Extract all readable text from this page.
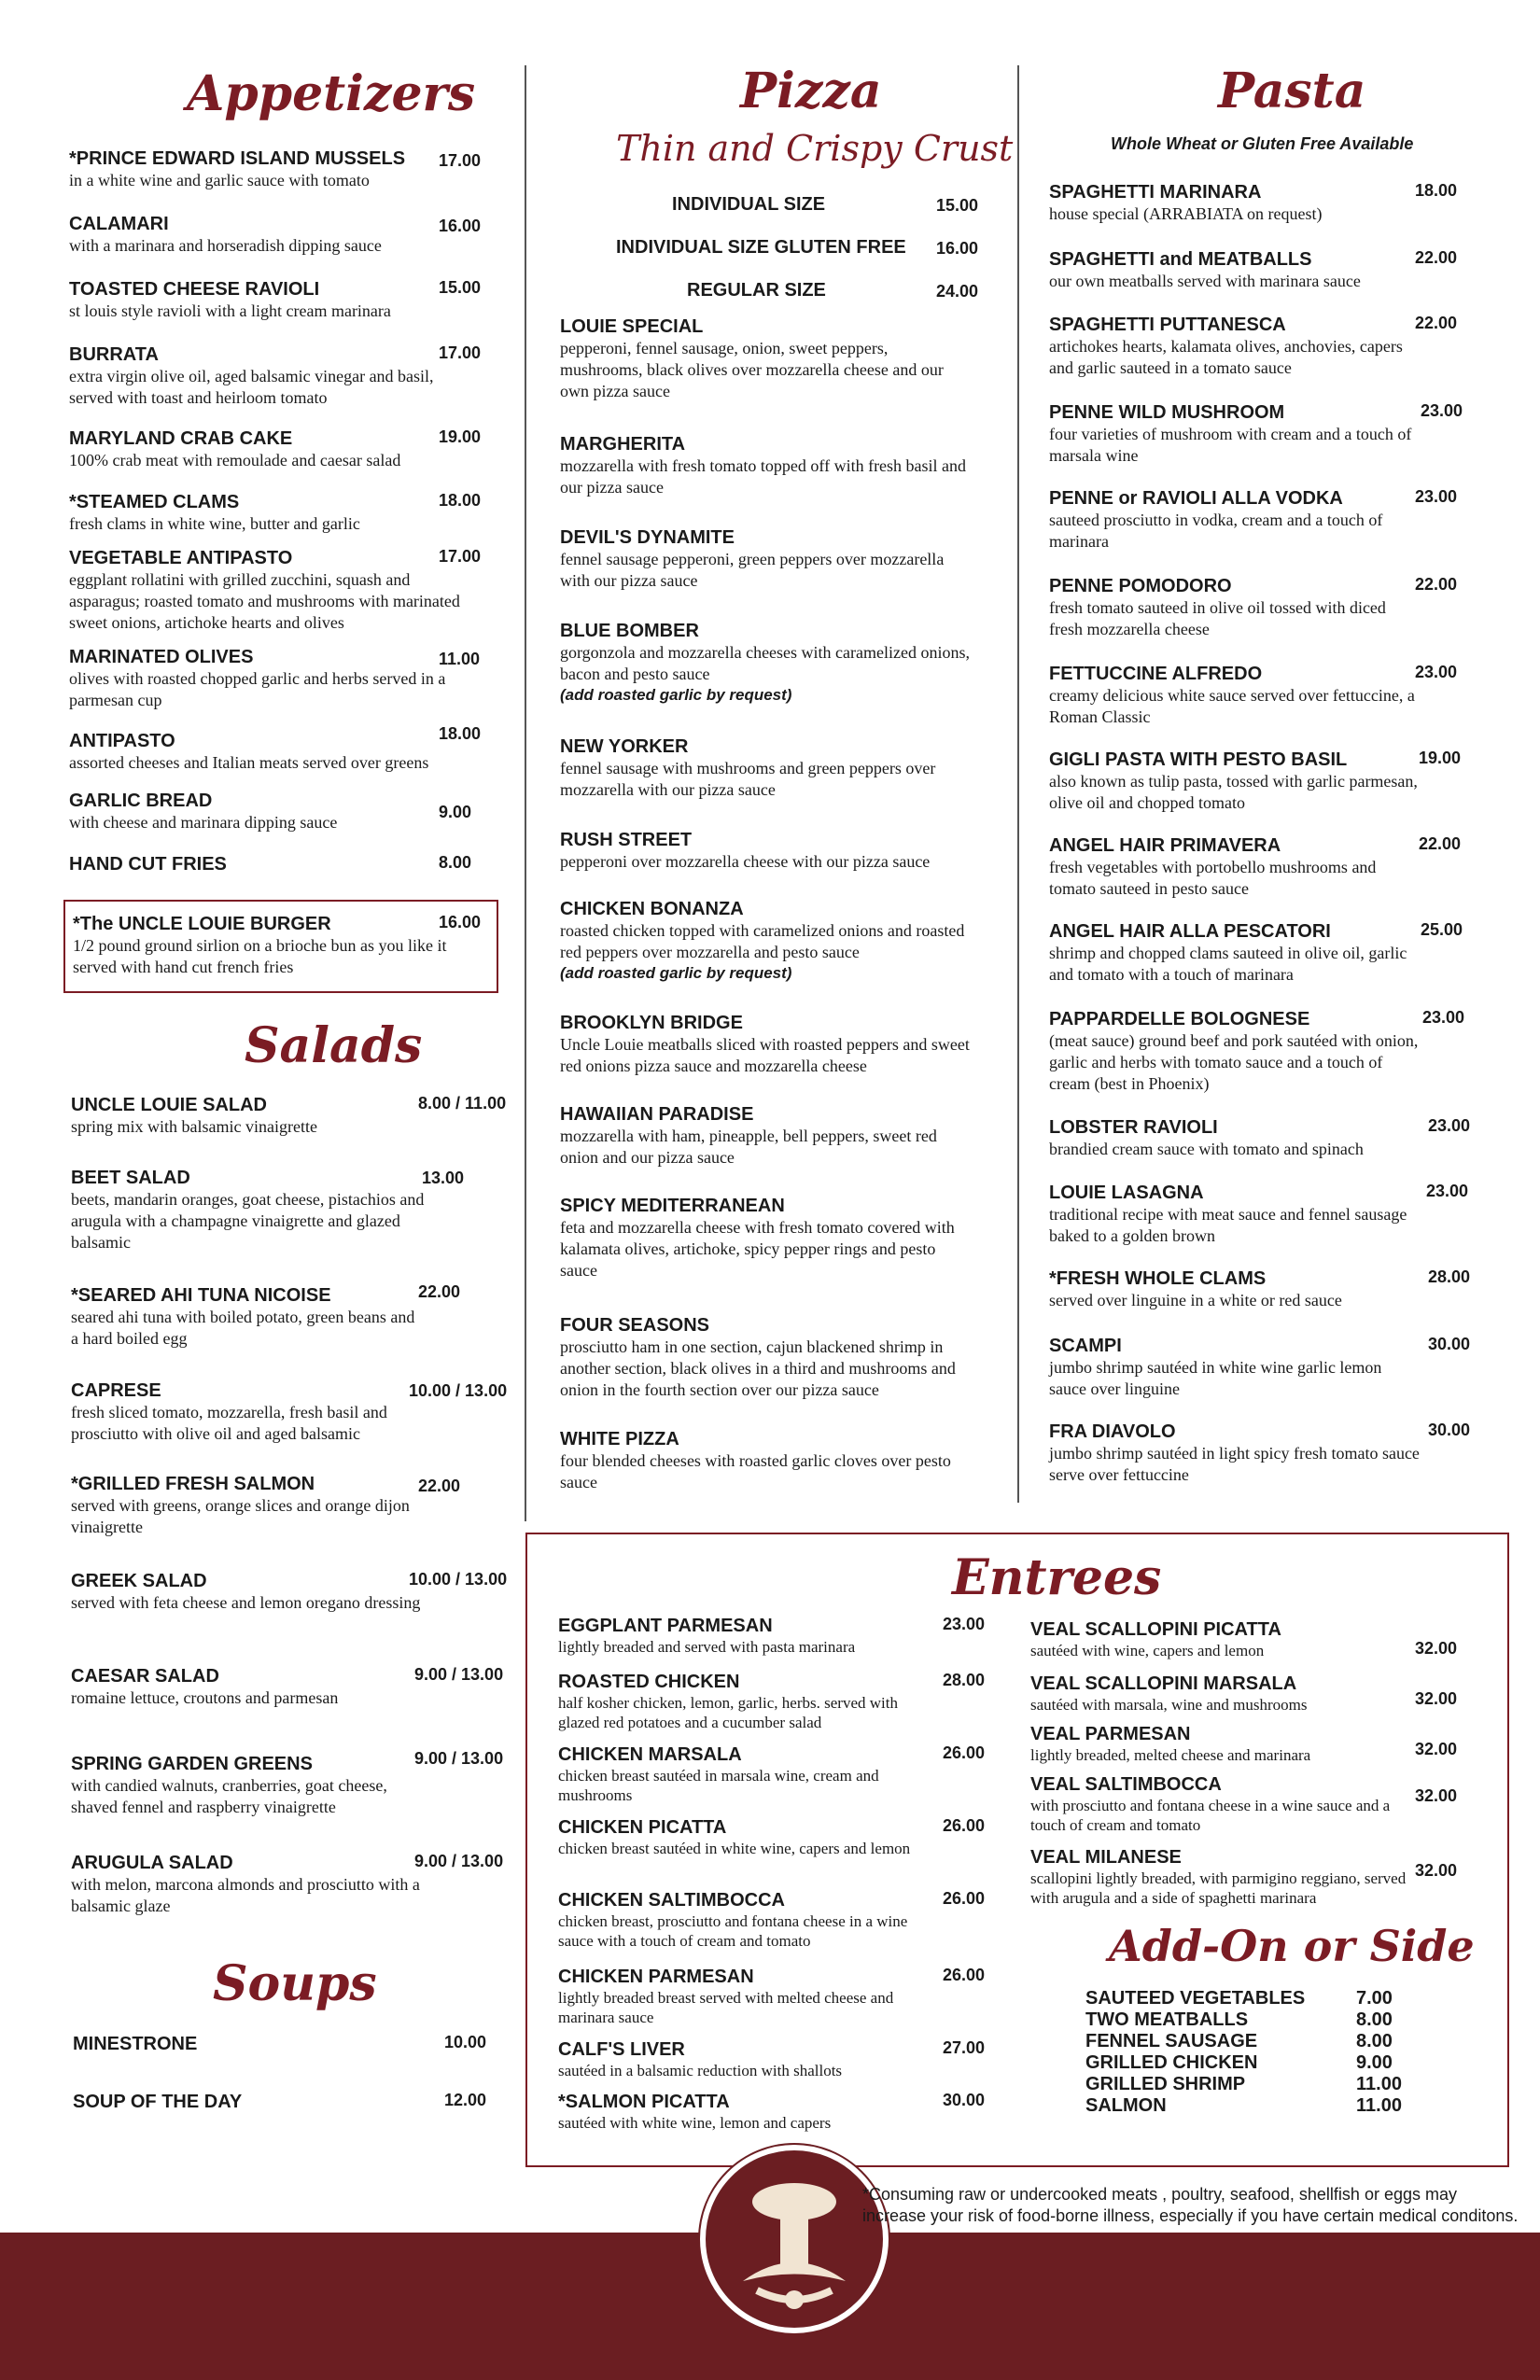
Appetizers
*PRINCE EDWARD ISLAND MUSSELS
in a white wine and garlic sauce with tomato
17.00
CALAMARI
with a marinara and horseradish dipping sauce
16.00
TOASTED CHEESE RAVIOLI
st louis style ravioli with a light cream marinara
15.00
BURRATA
extra virgin olive oil, aged balsamic vinegar and basil, served with toast and heirloom tomato
17.00
MARYLAND CRAB CAKE
100% crab meat with remoulade and caesar salad
19.00
*STEAMED CLAMS
fresh clams in white wine, butter and garlic
18.00
VEGETABLE ANTIPASTO
eggplant rollatini with grilled zucchini, squash and asparagus; roasted tomato and mushrooms with marinated sweet onions, artichoke hearts and olives
17.00
MARINATED OLIVES
olives with roasted chopped garlic and herbs served in a parmesan cup
11.00
ANTIPASTO
assorted cheeses and Italian meats served over greens
18.00
GARLIC BREAD
with cheese and marinara dipping sauce
9.00
HAND CUT FRIES	8.00
*The UNCLE LOUIE BURGER
1/2 pound ground sirlion on a brioche bun as you like it served with hand cut french fries
16.00
Salads
UNCLE LOUIE SALAD
spring mix with balsamic vinaigrette
8.00 / 11.00
BEET SALAD
beets, mandarin oranges, goat cheese, pistachios and arugula with a champagne vinaigrette and glazed balsamic
13.00
*SEARED AHI TUNA NICOISE
seared ahi tuna with boiled potato, green beans and a hard boiled egg
22.00
CAPRESE
fresh sliced tomato, mozzarella, fresh basil and prosciutto with olive oil and aged balsamic
10.00 / 13.00
*GRILLED FRESH SALMON
served with greens, orange slices and orange dijon vinaigrette
22.00
GREEK SALAD
served with feta cheese and lemon oregano dressing
10.00 / 13.00
CAESAR SALAD
romaine lettuce, croutons and parmesan
9.00 / 13.00
SPRING GARDEN GREENS
with candied walnuts, cranberries, goat cheese, shaved fennel and raspberry vinaigrette
9.00 / 13.00
ARUGULA SALAD
with melon, marcona almonds and prosciutto with a balsamic glaze
9.00 / 13.00
Soups
MINESTRONE	10.00
SOUP OF THE DAY	12.00
Pizza
Thin and Crispy Crust
INDIVIDUAL SIZE	15.00
INDIVIDUAL SIZE GLUTEN FREE 16.00
REGULAR SIZE	24.00
LOUIE SPECIAL
pepperoni, fennel sausage, onion, sweet peppers, mushrooms, black olives over mozzarella cheese and our own pizza sauce
MARGHERITA
mozzarella with fresh tomato topped off with fresh basil and our pizza sauce
DEVIL'S DYNAMITE
fennel sausage pepperoni, green peppers over mozzarella with our pizza sauce
BLUE BOMBER
gorgonzola and mozzarella cheeses with caramelized onions, bacon and pesto sauce
(add roasted garlic by request)
NEW YORKER
fennel sausage with mushrooms and green peppers over mozzarella with our pizza sauce
RUSH STREET
pepperoni over mozzarella cheese with our pizza sauce
CHICKEN BONANZA
roasted chicken topped with caramelized onions and roasted red peppers over mozzarella and pesto sauce
(add roasted garlic by request)
BROOKLYN BRIDGE
Uncle Louie meatballs sliced with roasted peppers and sweet red onions pizza sauce and mozzarella cheese
HAWAIIAN PARADISE
mozzarella with ham, pineapple, bell peppers, sweet red onion and our pizza sauce
SPICY MEDITERRANEAN
feta and mozzarella cheese with fresh tomato covered with kalamata olives, artichoke, spicy pepper rings and pesto sauce
FOUR SEASONS
prosciutto ham in one section, cajun blackened shrimp in another section, black olives in a third and mushrooms and onion in the fourth section over our pizza sauce
WHITE PIZZA
four blended cheeses with roasted garlic cloves over pesto sauce
Pasta
Whole Wheat or Gluten Free Available
SPAGHETTI MARINARA
house special (ARRABIATA on request)
18.00
SPAGHETTI and MEATBALLS
our own meatballs served with marinara sauce
22.00
SPAGHETTI PUTTANESCA
artichokes hearts, kalamata olives, anchovies, capers and garlic sauteed in a tomato sauce
22.00
PENNE WILD MUSHROOM
four varieties of mushroom with cream and a touch of marsala wine
23.00
PENNE or RAVIOLI ALLA VODKA
sauteed prosciutto in vodka, cream and a touch of marinara
23.00
PENNE POMODORO
fresh tomato sauteed in olive oil tossed with diced fresh mozzarella cheese
22.00
FETTUCCINE ALFREDO
creamy delicious white sauce served over fettuccine, a Roman Classic
23.00
GIGLI PASTA WITH PESTO BASIL
also known as tulip pasta, tossed with garlic parmesan, olive oil and chopped tomato
19.00
ANGEL HAIR PRIMAVERA
fresh vegetables with portobello mushrooms and tomato sauteed in pesto sauce
22.00
ANGEL HAIR ALLA PESCATORI
shrimp and chopped clams sauteed in olive oil, garlic and tomato with a touch of marinara
25.00
PAPPARDELLE BOLOGNESE
(meat sauce) ground beef and pork sautéed with onion, garlic and herbs with tomato sauce and a touch of cream (best in Phoenix)
23.00
LOBSTER RAVIOLI
brandied cream sauce with tomato and spinach
23.00
LOUIE LASAGNA
traditional recipe with meat sauce and fennel sausage baked to a golden brown
23.00
*FRESH WHOLE CLAMS
served over linguine in a white or red sauce
28.00
SCAMPI
jumbo shrimp sautéed in white wine garlic lemon sauce over linguine
30.00
FRA DIAVOLO
jumbo shrimp sautéed in light spicy fresh tomato sauce serve over fettuccine
30.00
Entrees
EGGPLANT PARMESAN
lightly breaded and served with pasta marinara
23.00
ROASTED CHICKEN
half kosher chicken, lemon, garlic, herbs. served with glazed red potatoes and a cucumber salad
28.00
CHICKEN MARSALA
chicken breast sautéed in marsala wine, cream and mushrooms
26.00
CHICKEN PICATTA
chicken breast sautéed in white wine, capers and lemon
26.00
CHICKEN SALTIMBOCCA
chicken breast, prosciutto and fontana cheese in a wine sauce with a touch of cream and tomato
26.00
CHICKEN PARMESAN
lightly breaded breast served with melted cheese and marinara sauce
26.00
CALF'S LIVER
sautéed in a balsamic reduction with shallots
27.00
*SALMON PICATTA
sautéed with white wine, lemon and capers
30.00
VEAL SCALLOPINI PICATTA
sautéed with wine, capers and lemon	32.00
VEAL SCALLOPINI MARSALA
sautéed with marsala, wine and mushrooms	32.00
VEAL PARMESAN
lightly breaded, melted cheese and marinara	32.00
VEAL SALTIMBOCCA
with prosciutto and fontana cheese in a wine sauce and a touch of cream and tomato
32.00
VEAL MILANESE
scallopini lightly breaded, with parmigino reggiano, served with arugula and a side of spaghetti marinara
32.00
Add-On or Side
SAUTEED VEGETABLES	7.00
TWO MEATBALLS	8.00
FENNEL SAUSAGE	8.00
GRILLED CHICKEN	9.00
GRILLED SHRIMP	11.00
SALMON	11.00
*Consuming raw or undercooked meats , poultry, seafood, shellfish or eggs may increase your risk of food-borne illness, especially if you have certain medical conditons.
